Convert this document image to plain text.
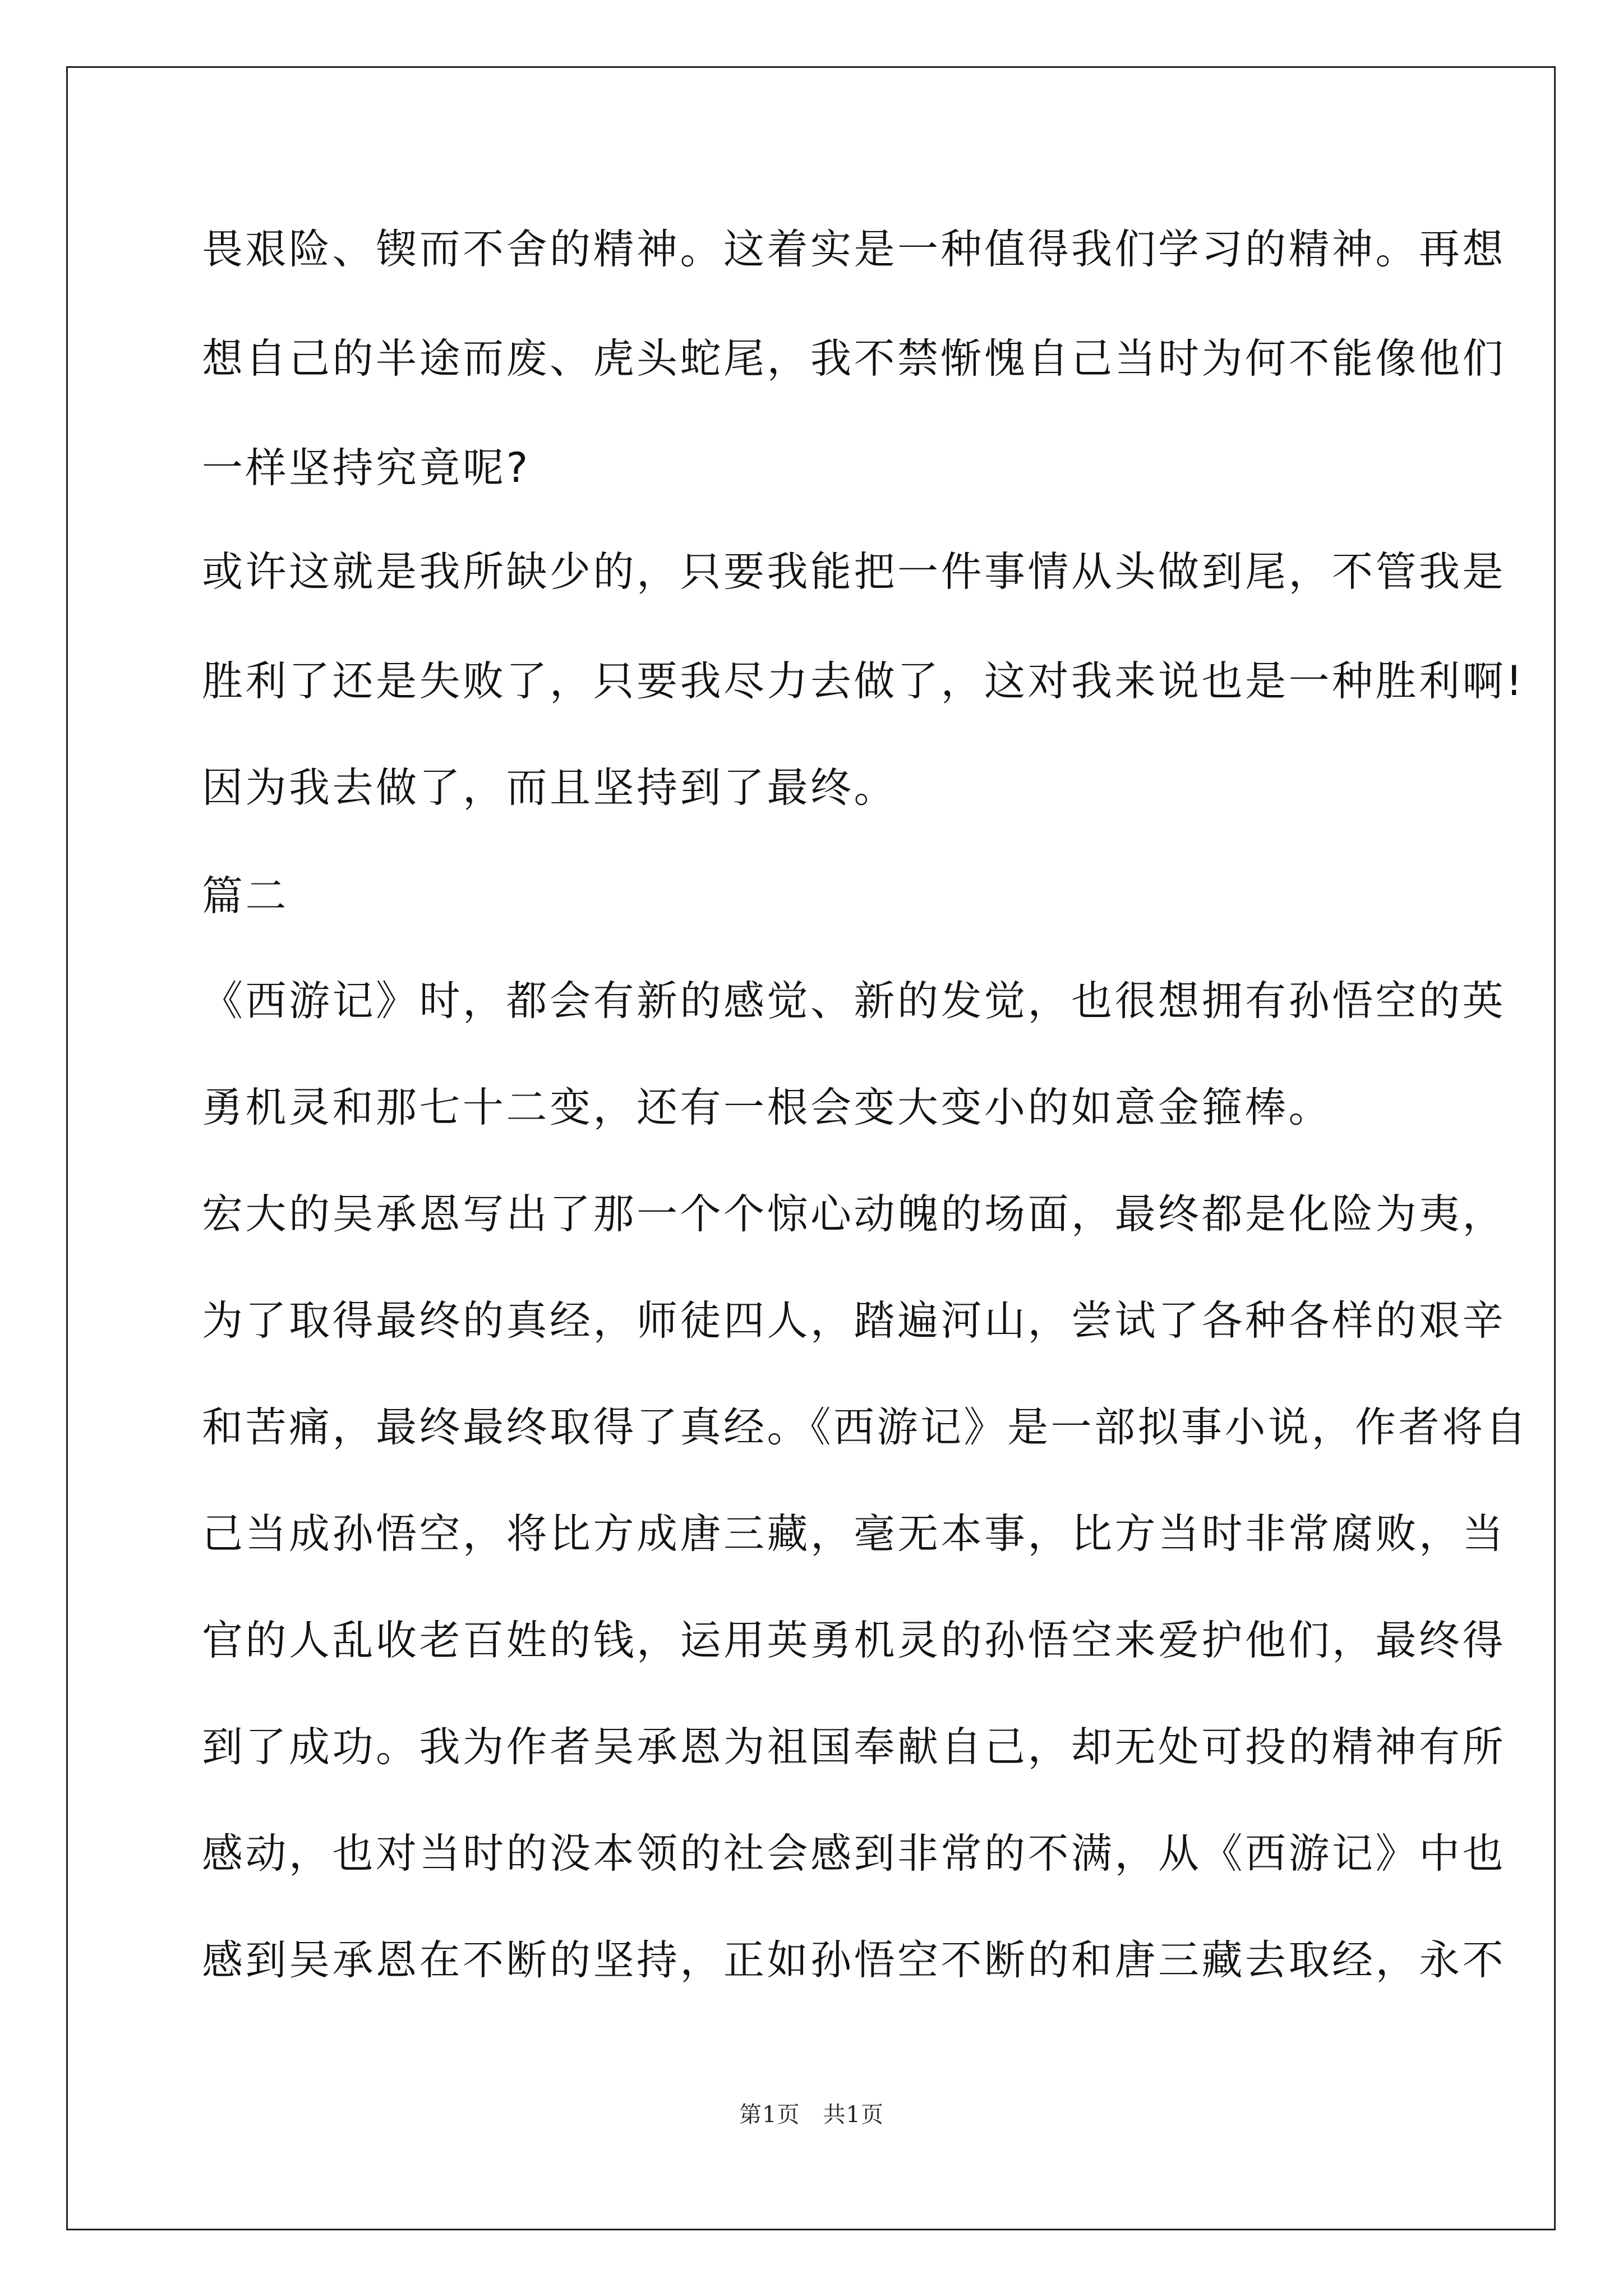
畏艰险、锲而不舍的精神。这着实是一种值得我们学习的精神。再想
想自己的半途而废、虎头蛇尾，我不禁惭愧自己当时为何不能像他们
一样坚持究竟呢?
或许这就是我所缺少的，只要我能把一件事情从头做到尾，不管我是
胜利了还是失败了，只要我尽力去做了，这对我来说也是一种胜利啊!
因为我去做了，而且坚持到了最终。
篇二
《西游记》时，都会有新的感觉、新的发觉，也很想拥有孙悟空的英
勇机灵和那七十二变，还有一根会变大变小的如意金箍棒。
宏大的吴承恩写出了那一个个惊心动魄的场面，最终都是化险为夷，
为了取得最终的真经，师徒四人，踏遍河山，尝试了各种各样的艰辛
和苦痛，最终最终取得了真经。《西游记》是一部拟事小说，作者将自
己当成孙悟空，将比方成唐三藏，毫无本事，比方当时非常腐败，当
官的人乱收老百姓的钱，运用英勇机灵的孙悟空来爱护他们，最终得
到了成功。我为作者吴承恩为祖国奉献自己，却无处可投的精神有所
感动，也对当时的没本领的社会感到非常的不满，从《西游记》中也
感到吴承恩在不断的坚持，正如孙悟空不断的和唐三藏去取经，永不
第1页　共1页
